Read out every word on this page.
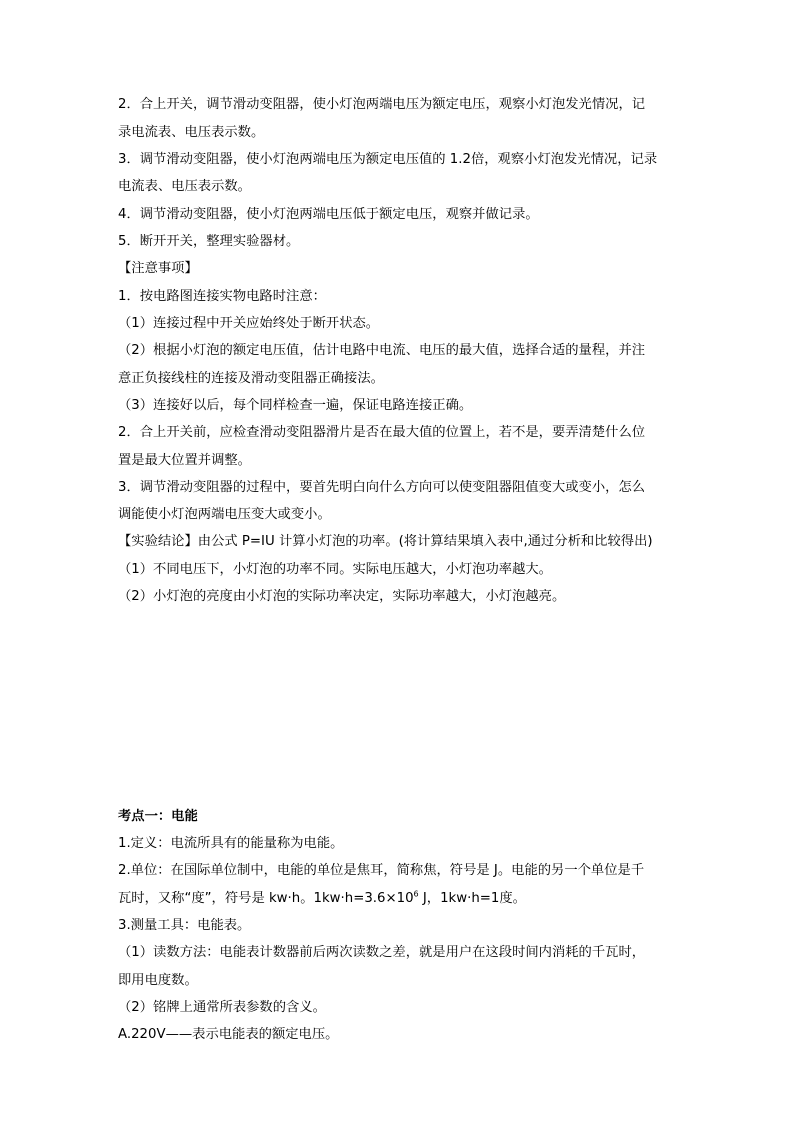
2．合上开关，调节滑动变阻器，使小灯泡两端电压为额定电压，观察小灯泡发光情况，记
录电流表、电压表示数。
3．调节滑动变阻器，使小灯泡两端电压为额定电压值的 1.2倍，观察小灯泡发光情况，记录
电流表、电压表示数。
4．调节滑动变阻器，使小灯泡两端电压低于额定电压，观察并做记录。
5．断开开关，整理实验器材。
【注意事项】
1．按电路图连接实物电路时注意：
（1）连接过程中开关应始终处于断开状态。
（2）根据小灯泡的额定电压值，估计电路中电流、电压的最大值，选择合适的量程，并注
意正负接线柱的连接及滑动变阻器正确接法。
（3）连接好以后，每个同样检查一遍，保证电路连接正确。
2．合上开关前，应检查滑动变阻器滑片是否在最大值的位置上，若不是，要弄清楚什么位
置是最大位置并调整。
3．调节滑动变阻器的过程中，要首先明白向什么方向可以使变阻器阻值变大或变小，怎么
调能使小灯泡两端电压变大或变小。
【实验结论】由公式 P=IU 计算小灯泡的功率。(将计算结果填入表中,通过分析和比较得出)
（1）不同电压下，小灯泡的功率不同。实际电压越大，小灯泡功率越大。
（2）小灯泡的亮度由小灯泡的实际功率决定，实际功率越大，小灯泡越亮。
考点一：电能
1.定义：电流所具有的能量称为电能。
2.单位：在国际单位制中，电能的单位是焦耳，简称焦，符号是 J。电能的另一个单位是千
瓦时，又称“度”，符号是 kw·h。$1kw\cdot h=3.6\times 10^6$ J，1kw·h=1度。
3.测量工具：电能表。
（1）读数方法：电能表计数器前后两次读数之差，就是用户在这段时间内消耗的千瓦时，
即用电度数。
（2）铭牌上通常所表参数的含义。
A.220V——表示电能表的额定电压。
